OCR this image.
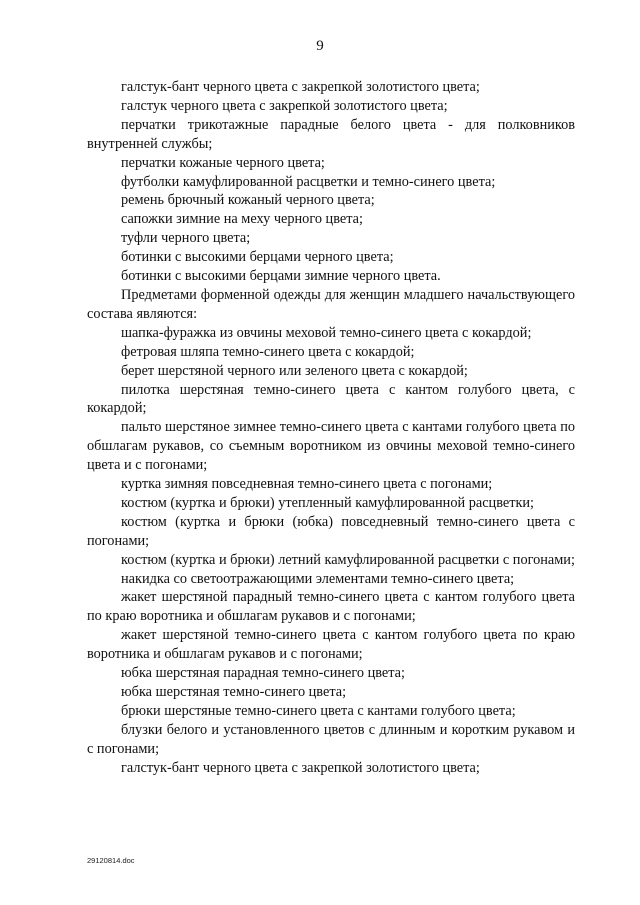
9

галстук-бант черного цвета с закрепкой золотистого цвета;

галстук черного цвета с закрепкой золотистого цвета;

перчатки трикотажные парадные белого цвета - для полковников внутренней службы;

перчатки кожаные черного цвета;

футболки камуфлированной расцветки и темно-синего цвета;

ремень брючный кожаный черного цвета;

сапожки зимние на меху черного цвета;

туфли черного цвета;

ботинки с высокими берцами черного цвета;

ботинки с высокими берцами зимние черного цвета.

Предметами форменной одежды для женщин младшего начальствующего состава являются:

шапка-фуражка из овчины меховой темно-синего цвета с кокардой;

фетровая шляпа темно-синего цвета с кокардой;

берет шерстяной черного или зеленого цвета с кокардой;

пилотка шерстяная темно-синего цвета с кантом голубого цвета, с кокардой;

пальто шерстяное зимнее темно-синего цвета с кантами голубого цвета по обшлагам рукавов, со съемным воротником из овчины меховой темно-синего цвета и с погонами;

куртка зимняя повседневная темно-синего цвета с погонами;

костюм (куртка и брюки) утепленный камуфлированной расцветки;

костюм (куртка и брюки (юбка) повседневный темно-синего цвета с погонами;

костюм (куртка и брюки) летний камуфлированной расцветки с погонами;

накидка со светоотражающими элементами темно-синего цвета;

жакет шерстяной парадный темно-синего цвета с кантом голубого цвета по краю воротника и обшлагам рукавов и с погонами;

жакет шерстяной темно-синего цвета с кантом голубого цвета по краю воротника и обшлагам рукавов и с погонами;

юбка шерстяная парадная темно-синего цвета;

юбка шерстяная темно-синего цвета;

брюки шерстяные темно-синего цвета с кантами голубого цвета;

блузки белого и установленного цветов с длинным и коротким рукавом и с погонами;

галстук-бант черного цвета с закрепкой золотистого цвета;

29120814.doc
